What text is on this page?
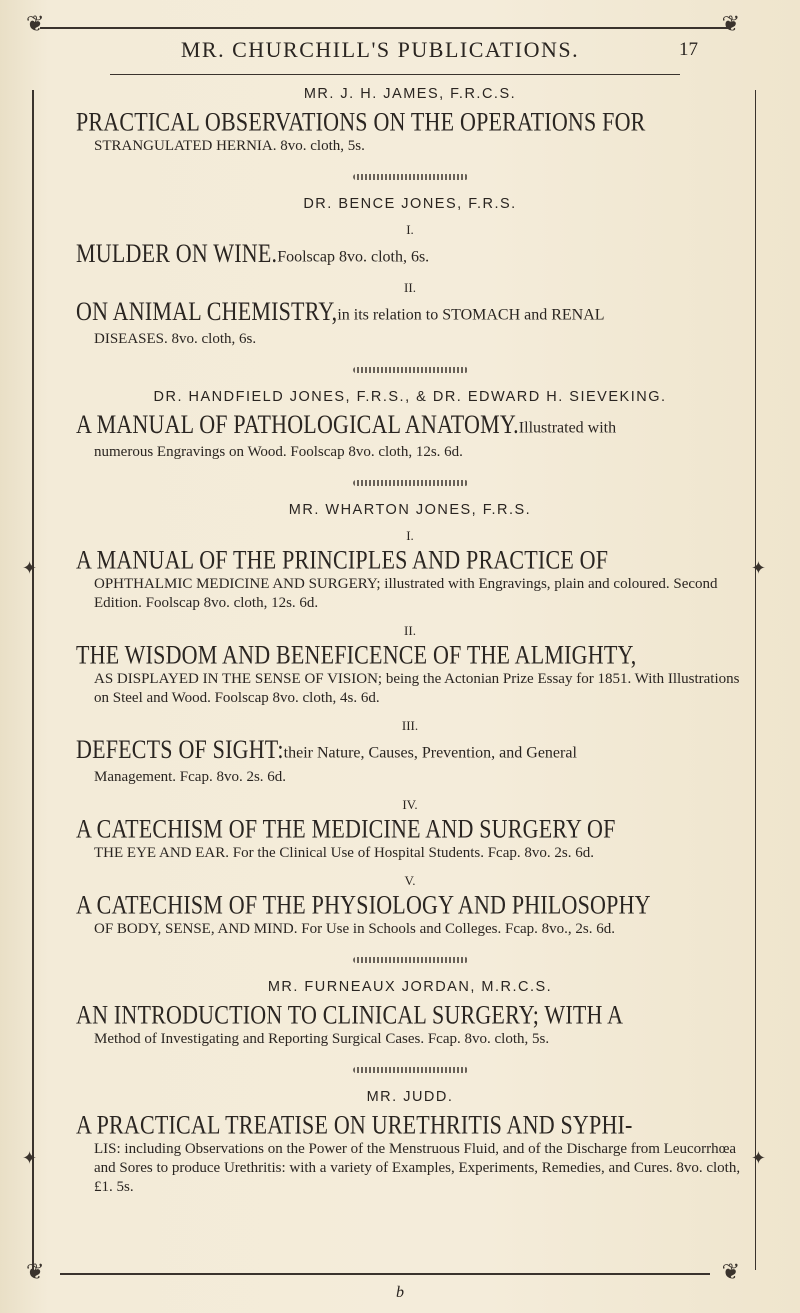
❦	❦
❦	❦
✦	✦
✦	✦
MR. CHURCHILL'S PUBLICATIONS.	17
MR. J. H. JAMES, F.R.C.S.
PRACTICAL OBSERVATIONS ON THE OPERATIONS FOR
STRANGULATED HERNIA. 8vo. cloth, 5s.
DR. BENCE JONES, F.R.S.
I.
MULDER ON WINE.Foolscap 8vo. cloth, 6s.
II.
ON ANIMAL CHEMISTRY,in its relation to STOMACH and RENAL
DISEASES. 8vo. cloth, 6s.
DR. HANDFIELD JONES, F.R.S., & DR. EDWARD H. SIEVEKING.
A MANUAL OF PATHOLOGICAL ANATOMY.Illustrated with
numerous Engravings on Wood. Foolscap 8vo. cloth, 12s. 6d.
MR. WHARTON JONES, F.R.S.
I.
A MANUAL OF THE PRINCIPLES AND PRACTICE OF
OPHTHALMIC MEDICINE AND SURGERY; illustrated with Engravings, plain and coloured. Second Edition. Foolscap 8vo. cloth, 12s. 6d.
II.
THE WISDOM AND BENEFICENCE OF THE ALMIGHTY,
AS DISPLAYED IN THE SENSE OF VISION; being the Actonian Prize Essay for 1851. With Illustrations on Steel and Wood. Foolscap 8vo. cloth, 4s. 6d.
III.
DEFECTS OF SIGHT:their Nature, Causes, Prevention, and General
Management. Fcap. 8vo. 2s. 6d.
IV.
A CATECHISM OF THE MEDICINE AND SURGERY OF
THE EYE AND EAR. For the Clinical Use of Hospital Students. Fcap. 8vo. 2s. 6d.
V.
A CATECHISM OF THE PHYSIOLOGY AND PHILOSOPHY
OF BODY, SENSE, AND MIND. For Use in Schools and Colleges. Fcap. 8vo., 2s. 6d.
MR. FURNEAUX JORDAN, M.R.C.S.
AN INTRODUCTION TO CLINICAL SURGERY; WITH A
Method of Investigating and Reporting Surgical Cases. Fcap. 8vo. cloth, 5s.
MR. JUDD.
A PRACTICAL TREATISE ON URETHRITIS AND SYPHI-
LIS: including Observations on the Power of the Menstruous Fluid, and of the Discharge from Leucorrhœa and Sores to produce Urethritis: with a variety of Examples, Experiments, Remedies, and Cures. 8vo. cloth, £1. 5s.
b
